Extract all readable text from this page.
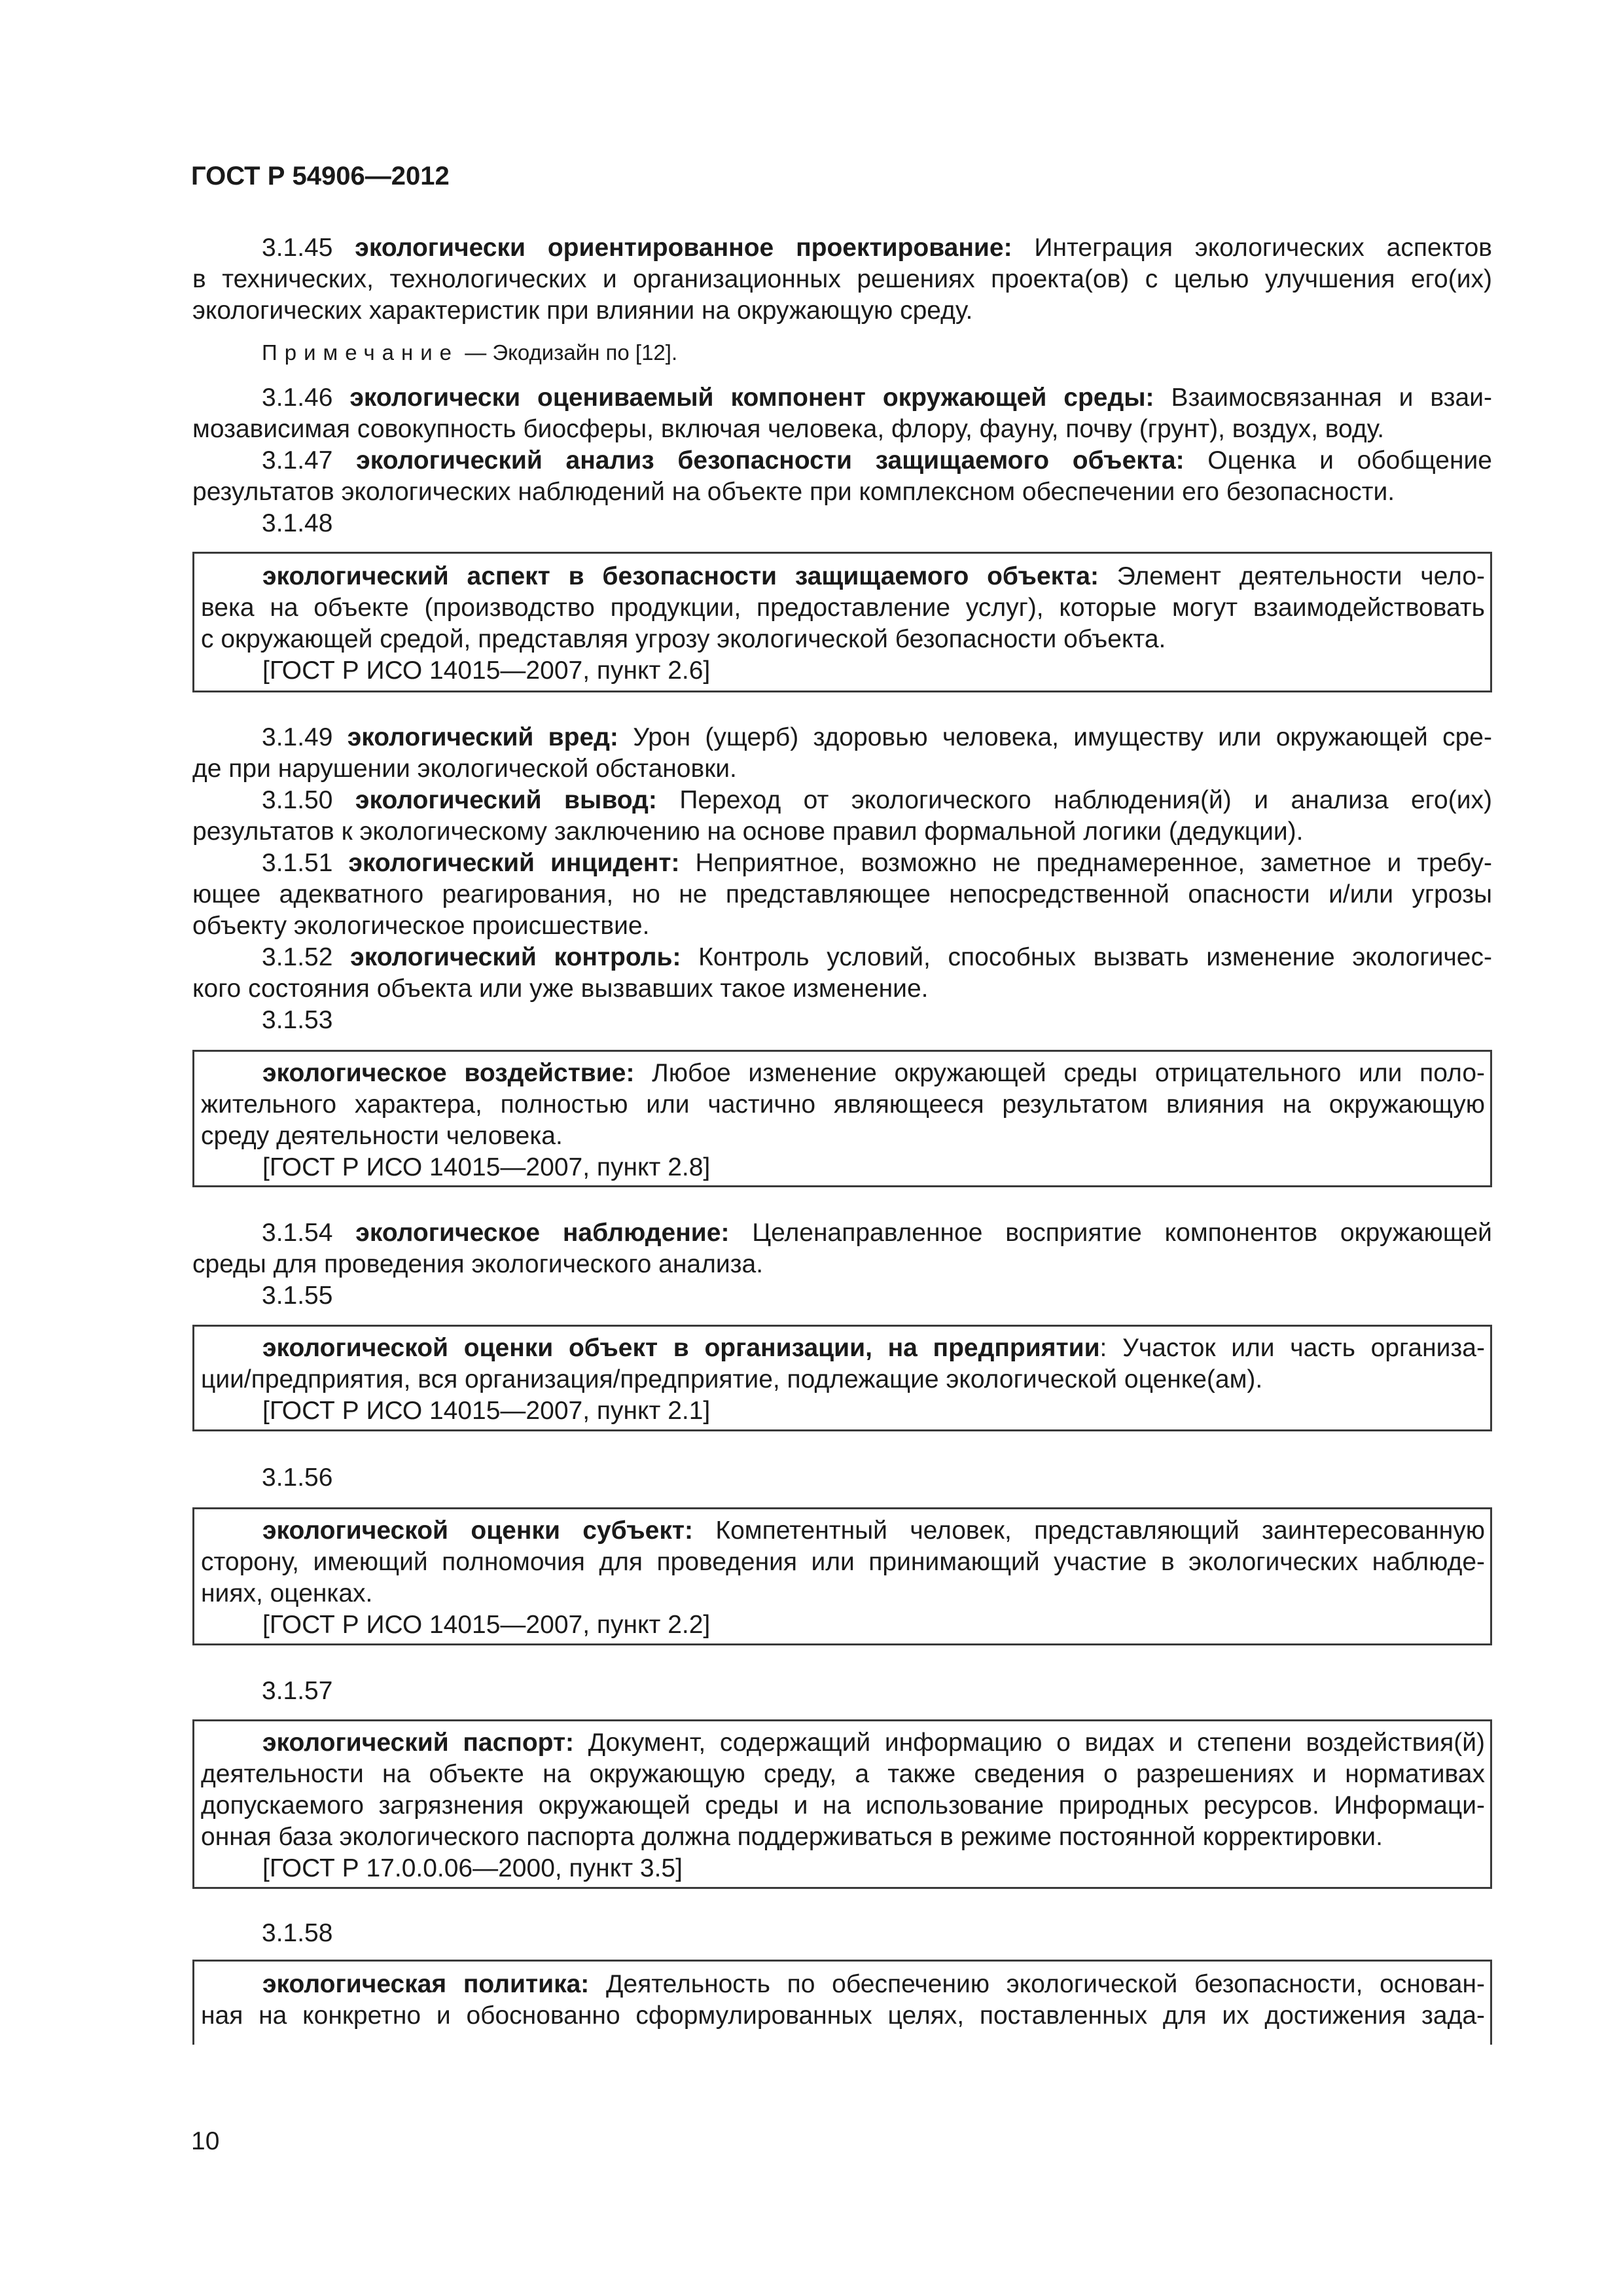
ГОСТ Р 54906—2012
3.1.45 экологически ориентированное проектирование: Интеграция экологических аспектов
в технических, технологических и организационных решениях проекта(ов) с целью улучшения его(их)
экологических характеристик при влиянии на окружающую среду.
Примечание — Экодизайн по [12].
3.1.46 экологически оцениваемый компонент окружающей среды: Взаимосвязанная и взаи-
мозависимая совокупность биосферы, включая человека, флору, фауну, почву (грунт), воздух, воду.
3.1.47 экологический анализ безопасности защищаемого объекта: Оценка и обобщение
результатов экологических наблюдений на объекте при комплексном обеспечении его безопасности.
3.1.48
экологический аспект в безопасности защищаемого объекта: Элемент деятельности чело-
века на объекте (производство продукции, предоставление услуг), которые могут взаимодействовать
с окружающей средой, представляя угрозу экологической безопасности объекта.
[ГОСТ Р ИСО 14015—2007, пункт 2.6]
3.1.49 экологический вред: Урон (ущерб) здоровью человека, имуществу или окружающей сре-
де при нарушении экологической обстановки.
3.1.50 экологический вывод: Переход от экологического наблюдения(й) и анализа его(их)
результатов к экологическому заключению на основе правил формальной логики (дедукции).
3.1.51 экологический инцидент: Неприятное, возможно не преднамеренное, заметное и требу-
ющее адекватного реагирования, но не представляющее непосредственной опасности и/или угрозы
объекту экологическое происшествие.
3.1.52 экологический контроль: Контроль условий, способных вызвать изменение экологичес-
кого состояния объекта или уже вызвавших такое изменение.
3.1.53
экологическое воздействие: Любое изменение окружающей среды отрицательного или поло-
жительного характера, полностью или частично являющееся результатом влияния на окружающую
среду деятельности человека.
[ГОСТ Р ИСО 14015—2007, пункт 2.8]
3.1.54 экологическое наблюдение: Целенаправленное восприятие компонентов окружающей
среды для проведения экологического анализа.
3.1.55
экологической оценки объект в организации, на предприятии: Участок или часть организа-
ции/предприятия, вся организация/предприятие, подлежащие экологической оценке(ам).
[ГОСТ Р ИСО 14015—2007, пункт 2.1]
3.1.56
экологической оценки субъект: Компетентный человек, представляющий заинтересованную
сторону, имеющий полномочия для проведения или принимающий участие в экологических наблюде-
ниях, оценках.
[ГОСТ Р ИСО 14015—2007, пункт 2.2]
3.1.57
экологический паспорт: Документ, содержащий информацию о видах и степени воздействия(й)
деятельности на объекте на окружающую среду, а также сведения о разрешениях и нормативах
допускаемого загрязнения окружающей среды и на использование природных ресурсов. Информаци-
онная база экологического паспорта должна поддерживаться в режиме постоянной корректировки.
[ГОСТ Р 17.0.0.06—2000, пункт 3.5]
3.1.58
экологическая политика: Деятельность по обеспечению экологической безопасности, основан-
ная на конкретно и обоснованно сформулированных целях, поставленных для их достижения зада-
10
